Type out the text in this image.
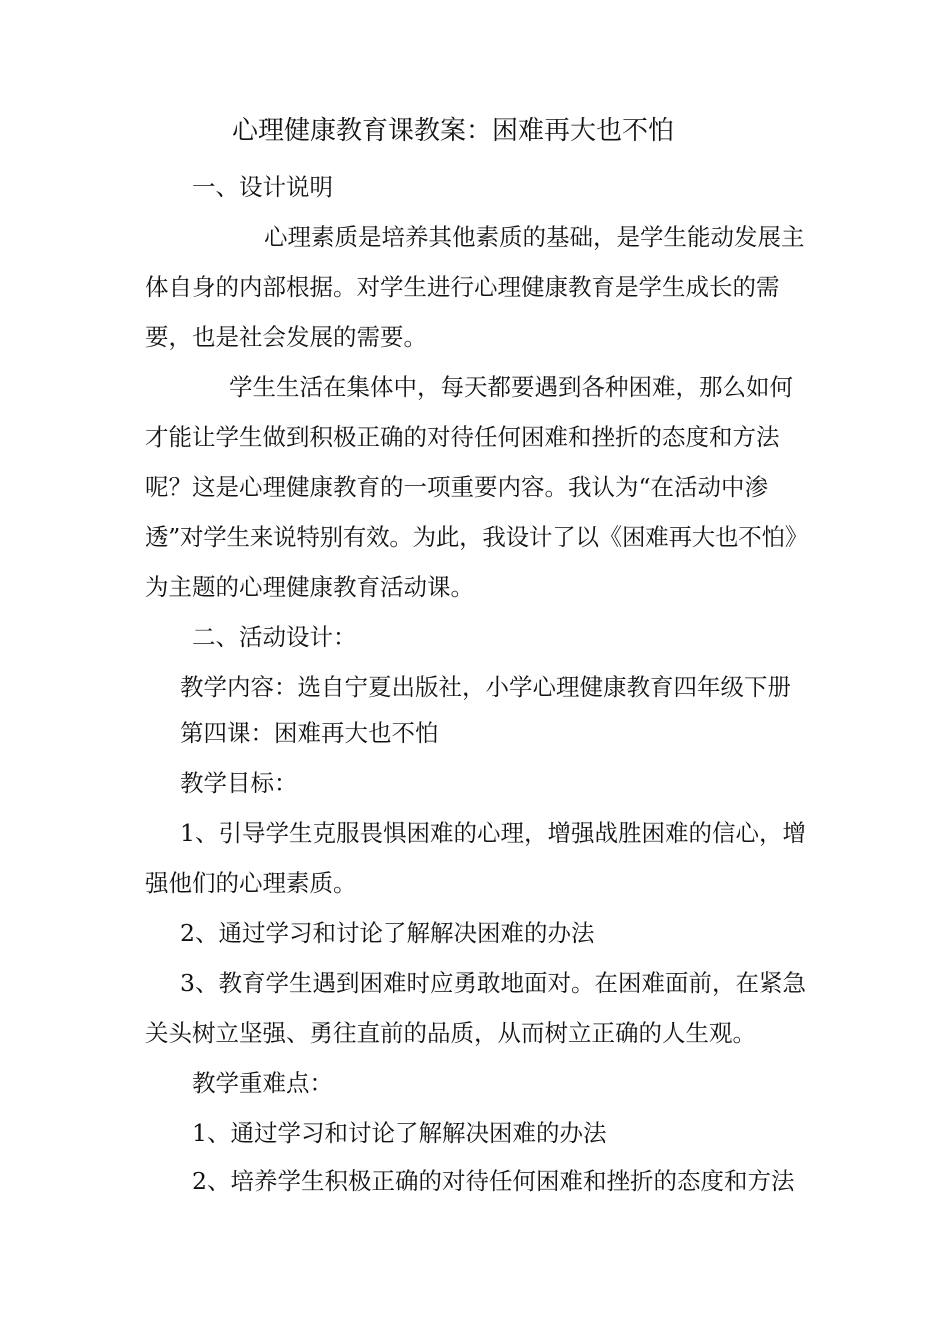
心理健康教育课教案：困难再大也不怕

一、设计说明

心理素质是培养其他素质的基础，是学生能动发展主

体自身的内部根据。对学生进行心理健康教育是学生成长的需

要，也是社会发展的需要。

学生生活在集体中，每天都要遇到各种困难，那么如何

才能让学生做到积极正确的对待任何困难和挫折的态度和方法

呢？这是心理健康教育的一项重要内容。我认为“在活动中渗

透”对学生来说特别有效。为此，我设计了以《困难再大也不怕》

为主题的心理健康教育活动课。

二、活动设计：

教学内容：选自宁夏出版社，小学心理健康教育四年级下册

第四课：困难再大也不怕

教学目标：

1、引导学生克服畏惧困难的心理，增强战胜困难的信心，增

强他们的心理素质。

2、通过学习和讨论了解解决困难的办法

3、教育学生遇到困难时应勇敢地面对。在困难面前，在紧急

关头树立坚强、勇往直前的品质，从而树立正确的人生观。

教学重难点：

1、通过学习和讨论了解解决困难的办法

2、培养学生积极正确的对待任何困难和挫折的态度和方法
